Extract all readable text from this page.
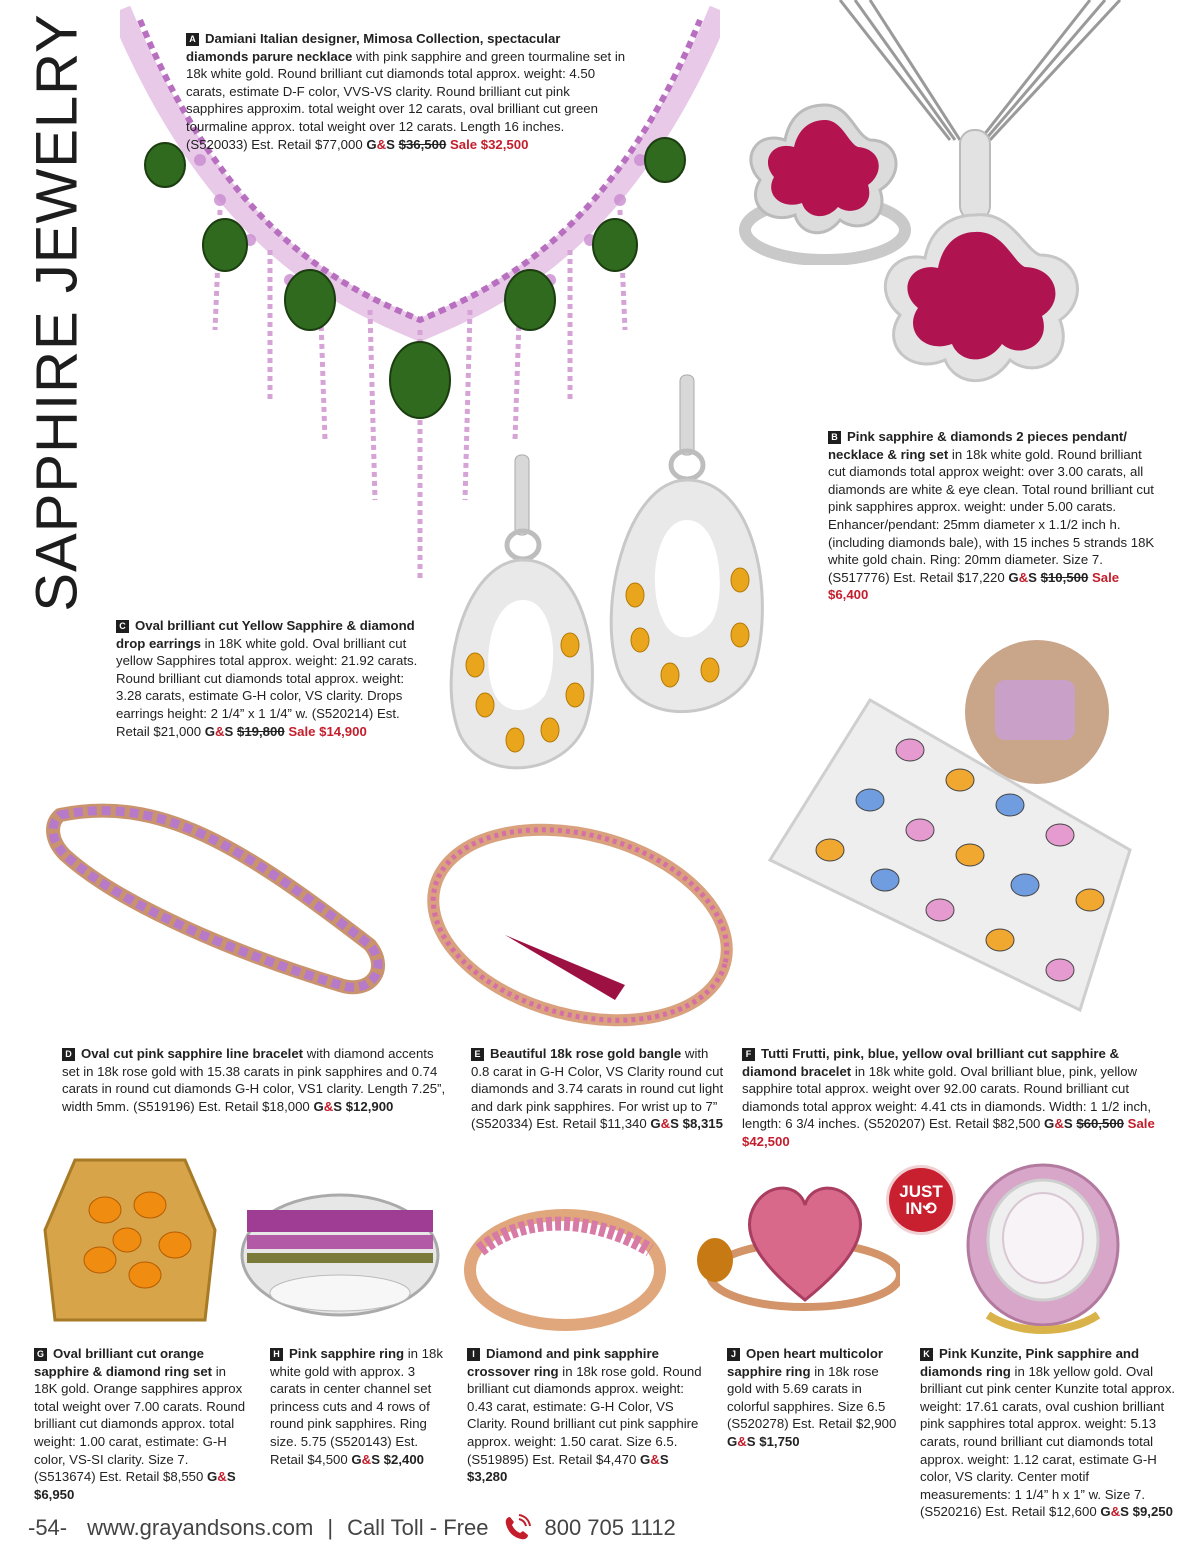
SAPPHIRE JEWELRY
JUST
IN⟲
A Damiani Italian designer, Mimosa Collection, spectacular diamonds parure necklace with pink sapphire and green tourmaline set in 18k white gold. Round brilliant cut diamonds total approx. weight: 4.50 carats, estimate D-F color, VVS-VS clarity. Round brilliant cut pink sapphires approxim. total weight over 12 carats, oval brilliant cut green tourmaline approx. total weight over 12 carats. Length 16 inches. (S520033) Est. Retail $77,000 G&S $36,500 Sale $32,500
B Pink sapphire & diamonds 2 pieces pendant/ necklace & ring set in 18k white gold. Round brilliant cut diamonds total approx weight: over 3.00 carats, all diamonds are white & eye clean. Total round brilliant cut pink sapphires approx. weight: under 5.00 carats. Enhancer/pendant: 25mm diameter x 1.1/2 inch h. (including diamonds bale), with 15 inches 5 strands 18K white gold chain. Ring: 20mm diameter. Size 7. (S517776) Est. Retail $17,220 G&S $10,500 Sale $6,400
C Oval brilliant cut Yellow Sapphire & diamond drop earrings in 18K white gold. Oval brilliant cut yellow Sapphires total approx. weight: 21.92 carats. Round brilliant cut diamonds total approx. weight: 3.28 carats, estimate G-H color, VS clarity. Drops earrings height: 2 1/4” x 1 1/4” w. (S520214) Est. Retail $21,000 G&S $19,800 Sale $14,900
D Oval cut pink sapphire line bracelet with diamond accents set in 18k rose gold with 15.38 carats in pink sapphires and 0.74 carats in round cut diamonds G-H color, VS1 clarity. Length 7.25”, width 5mm. (S519196) Est. Retail $18,000 G&S $12,900
E Beautiful 18k rose gold bangle with 0.8 carat in G-H Color, VS Clarity round cut diamonds and 3.74 carats in round cut light and dark pink sapphires. For wrist up to 7” (S520334) Est. Retail $11,340 G&S $8,315
F Tutti Frutti, pink, blue, yellow oval brilliant cut sapphire & diamond bracelet in 18k white gold. Oval brilliant blue, pink, yellow sapphire total approx. weight over 92.00 carats. Round brilliant cut diamonds total approx weight: 4.41 cts in diamonds. Width: 1 1/2 inch, length: 6 3/4 inches. (S520207) Est. Retail $82,500 G&S $60,500 Sale $42,500
G Oval brilliant cut orange sapphire & diamond ring set in 18K gold. Orange sapphires approx total weight over 7.00 carats. Round brilliant cut diamonds approx. total weight: 1.00 carat, estimate: G-H color, VS-SI clarity. Size 7. (S513674) Est. Retail $8,550 G&S $6,950
H Pink sapphire ring in 18k white gold with approx. 3 carats in center channel set princess cuts and 4 rows of round pink sapphires. Ring size. 5.75 (S520143) Est. Retail $4,500 G&S $2,400
I Diamond and pink sapphire crossover ring in 18k rose gold. Round brilliant cut diamonds approx. weight: 0.43 carat, estimate: G-H Color, VS Clarity. Round brilliant cut pink sapphire approx. weight: 1.50 carat. Size 6.5. (S519895) Est. Retail $4,470 G&S $3,280
J Open heart multicolor sapphire ring in 18k rose gold with 5.69 carats in colorful sapphires. Size 6.5 (S520278) Est. Retail $2,900 G&S $1,750
K Pink Kunzite, Pink sapphire and diamonds ring in 18k yellow gold. Oval brilliant cut pink center Kunzite total approx. weight: 17.61 carats, oval cushion brilliant pink sapphires total approx. weight: 5.13 carats, round brilliant cut diamonds total approx. weight: 1.12 carat, estimate G-H color, VS clarity. Center motif measurements: 1 1/4” h x 1” w. Size 7. (S520216) Est. Retail $12,600 G&S $9,250
-54- www.grayandsons.com | Call Toll - Free	800 705 1112
